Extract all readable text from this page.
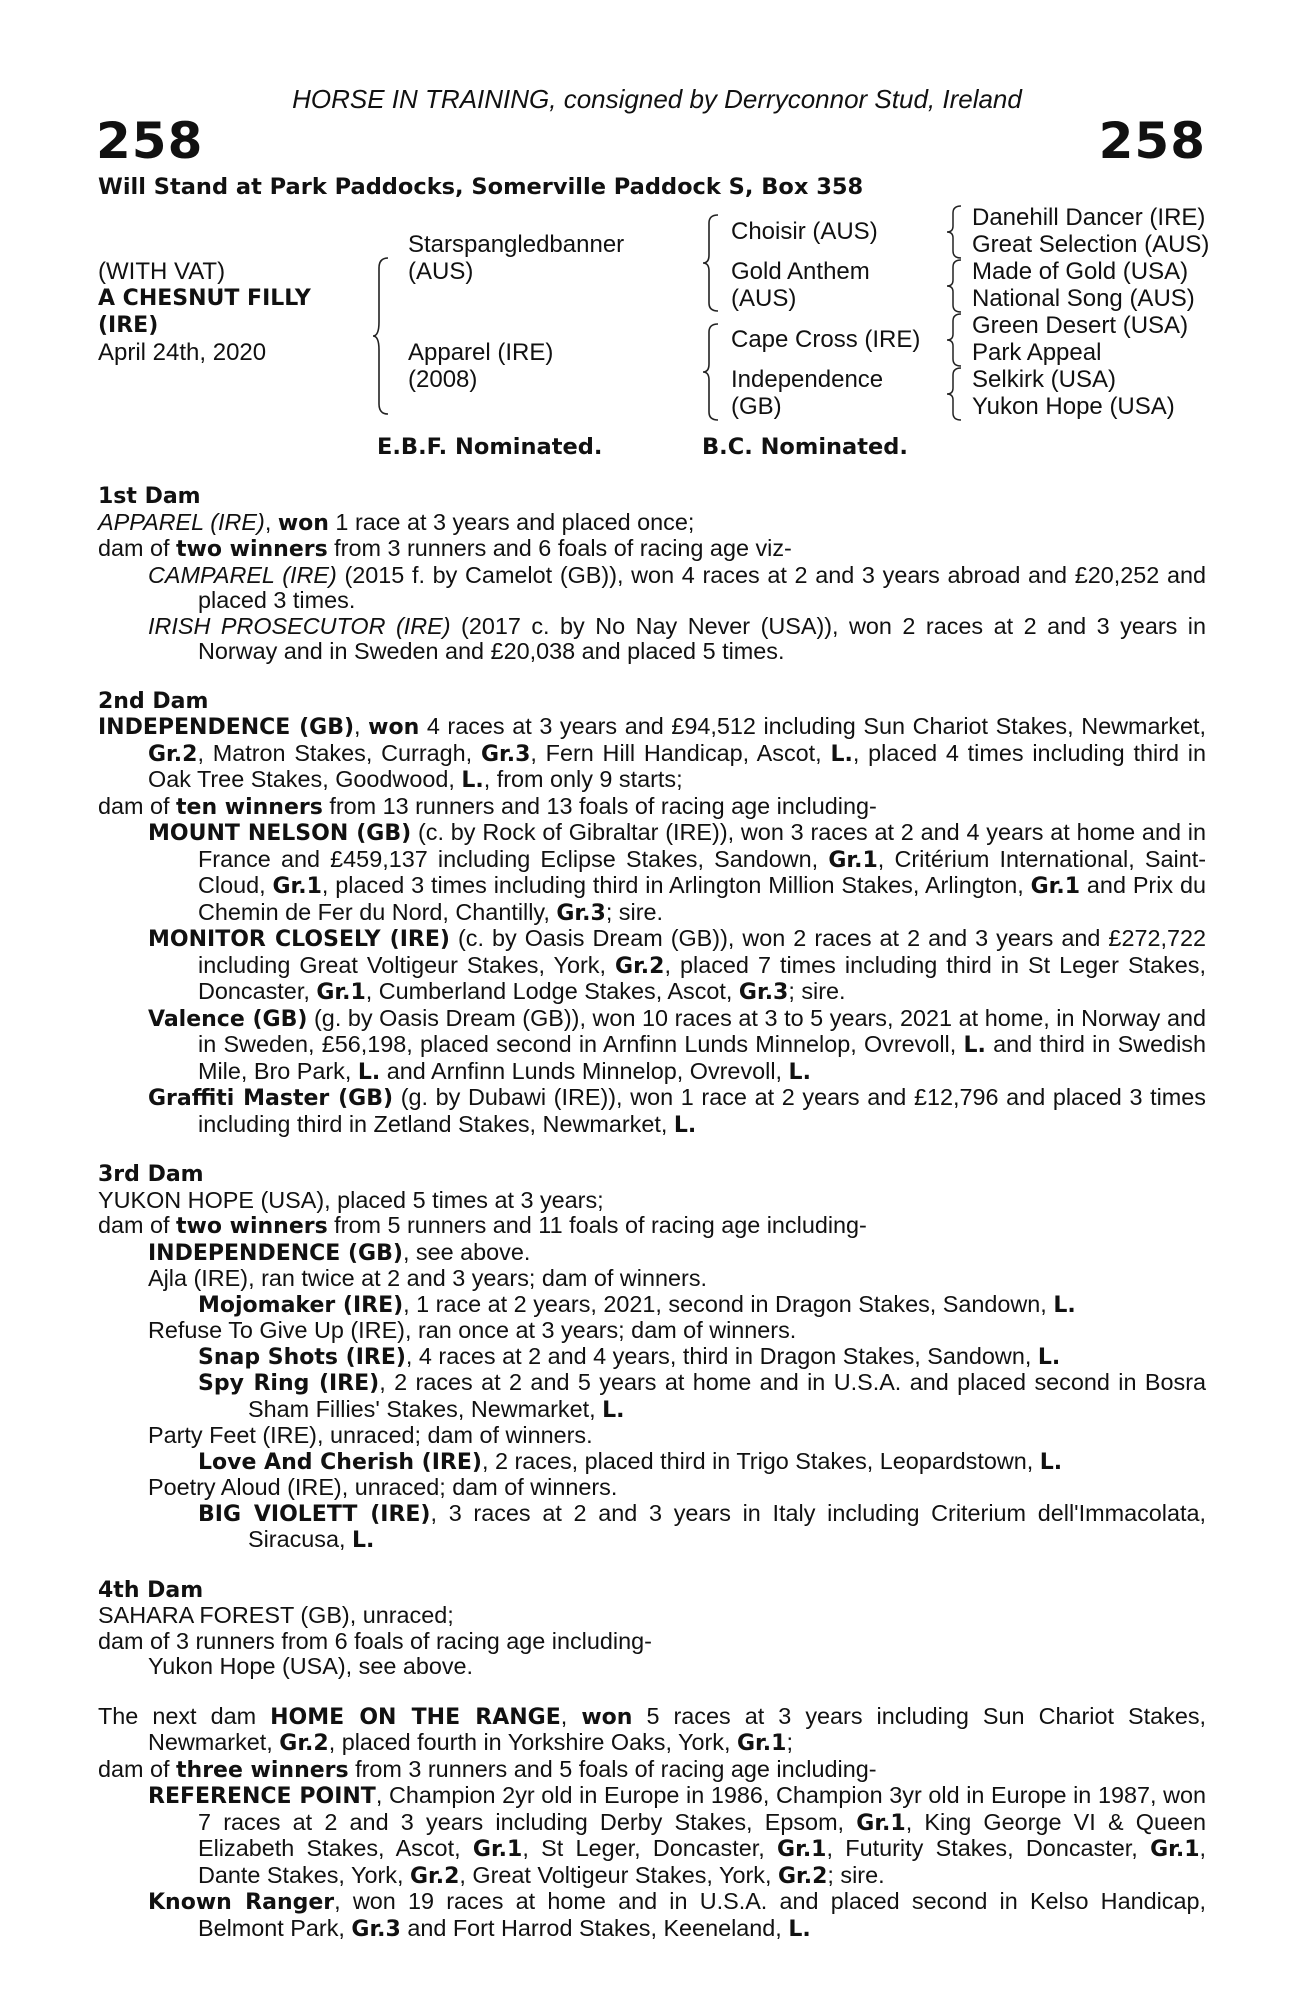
HORSE IN TRAINING, consigned by Derryconnor Stud, Ireland
258	258
Will Stand at Park Paddocks, Somerville Paddock S, Box 358
(WITH VAT)
A CHESNUT FILLY
(IRE)
April 24th, 2020
Starspangledbanner
(AUS)
Apparel (IRE)
(2008)
Choisir (AUS)
Gold Anthem
(AUS)
Cape Cross (IRE)
Independence
(GB)
Danehill Dancer (IRE)
Great Selection (AUS)
Made of Gold (USA)
National Song (AUS)
Green Desert (USA)
Park Appeal
Selkirk (USA)
Yukon Hope (USA)
E.B.F. Nominated.	B.C. Nominated.
1st Dam
APPAREL (IRE), won 1 race at 3 years and placed once;
dam of two winners from 3 runners and 6 foals of racing age viz-
CAMPAREL (IRE) (2015 f. by Camelot (GB)), won 4 races at 2 and 3 years abroad and £20,252 and placed 3 times.
IRISH PROSECUTOR (IRE) (2017 c. by No Nay Never (USA)), won 2 races at 2 and 3 years in Norway and in Sweden and £20,038 and placed 5 times.
2nd Dam
INDEPENDENCE (GB), won 4 races at 3 years and £94,512 including Sun Chariot Stakes, Newmarket, Gr.2, Matron Stakes, Curragh, Gr.3, Fern Hill Handicap, Ascot, L., placed 4 times including third in Oak Tree Stakes, Goodwood, L., from only 9 starts;
dam of ten winners from 13 runners and 13 foals of racing age including-
MOUNT NELSON (GB) (c. by Rock of Gibraltar (IRE)), won 3 races at 2 and 4 years at home and in France and £459,137 including Eclipse Stakes, Sandown, Gr.1, Critérium International, Saint-Cloud, Gr.1, placed 3 times including third in Arlington Million Stakes, Arlington, Gr.1 and Prix du Chemin de Fer du Nord, Chantilly, Gr.3; sire.
MONITOR CLOSELY (IRE) (c. by Oasis Dream (GB)), won 2 races at 2 and 3 years and £272,722 including Great Voltigeur Stakes, York, Gr.2, placed 7 times including third in St Leger Stakes, Doncaster, Gr.1, Cumberland Lodge Stakes, Ascot, Gr.3; sire.
Valence (GB) (g. by Oasis Dream (GB)), won 10 races at 3 to 5 years, 2021 at home, in Norway and in Sweden, £56,198, placed second in Arnfinn Lunds Minnelop, Ovrevoll, L. and third in Swedish Mile, Bro Park, L. and Arnfinn Lunds Minnelop, Ovrevoll, L.
Graffiti Master (GB) (g. by Dubawi (IRE)), won 1 race at 2 years and £12,796 and placed 3 times including third in Zetland Stakes, Newmarket, L.
3rd Dam
YUKON HOPE (USA), placed 5 times at 3 years;
dam of two winners from 5 runners and 11 foals of racing age including-
INDEPENDENCE (GB), see above.
Ajla (IRE), ran twice at 2 and 3 years; dam of winners.
Mojomaker (IRE), 1 race at 2 years, 2021, second in Dragon Stakes, Sandown, L.
Refuse To Give Up (IRE), ran once at 3 years; dam of winners.
Snap Shots (IRE), 4 races at 2 and 4 years, third in Dragon Stakes, Sandown, L.
Spy Ring (IRE), 2 races at 2 and 5 years at home and in U.S.A. and placed second in Bosra Sham Fillies' Stakes, Newmarket, L.
Party Feet (IRE), unraced; dam of winners.
Love And Cherish (IRE), 2 races, placed third in Trigo Stakes, Leopardstown, L.
Poetry Aloud (IRE), unraced; dam of winners.
BIG VIOLETT (IRE), 3 races at 2 and 3 years in Italy including Criterium dell'Immacolata, Siracusa, L.
4th Dam
SAHARA FOREST (GB), unraced;
dam of 3 runners from 6 foals of racing age including-
Yukon Hope (USA), see above.
The next dam HOME ON THE RANGE, won 5 races at 3 years including Sun Chariot Stakes, Newmarket, Gr.2, placed fourth in Yorkshire Oaks, York, Gr.1;
dam of three winners from 3 runners and 5 foals of racing age including-
REFERENCE POINT, Champion 2yr old in Europe in 1986, Champion 3yr old in Europe in 1987, won 7 races at 2 and 3 years including Derby Stakes, Epsom, Gr.1, King George VI & Queen Elizabeth Stakes, Ascot, Gr.1, St Leger, Doncaster, Gr.1, Futurity Stakes, Doncaster, Gr.1, Dante Stakes, York, Gr.2, Great Voltigeur Stakes, York, Gr.2; sire.
Known Ranger, won 19 races at home and in U.S.A. and placed second in Kelso Handicap, Belmont Park, Gr.3 and Fort Harrod Stakes, Keeneland, L.
